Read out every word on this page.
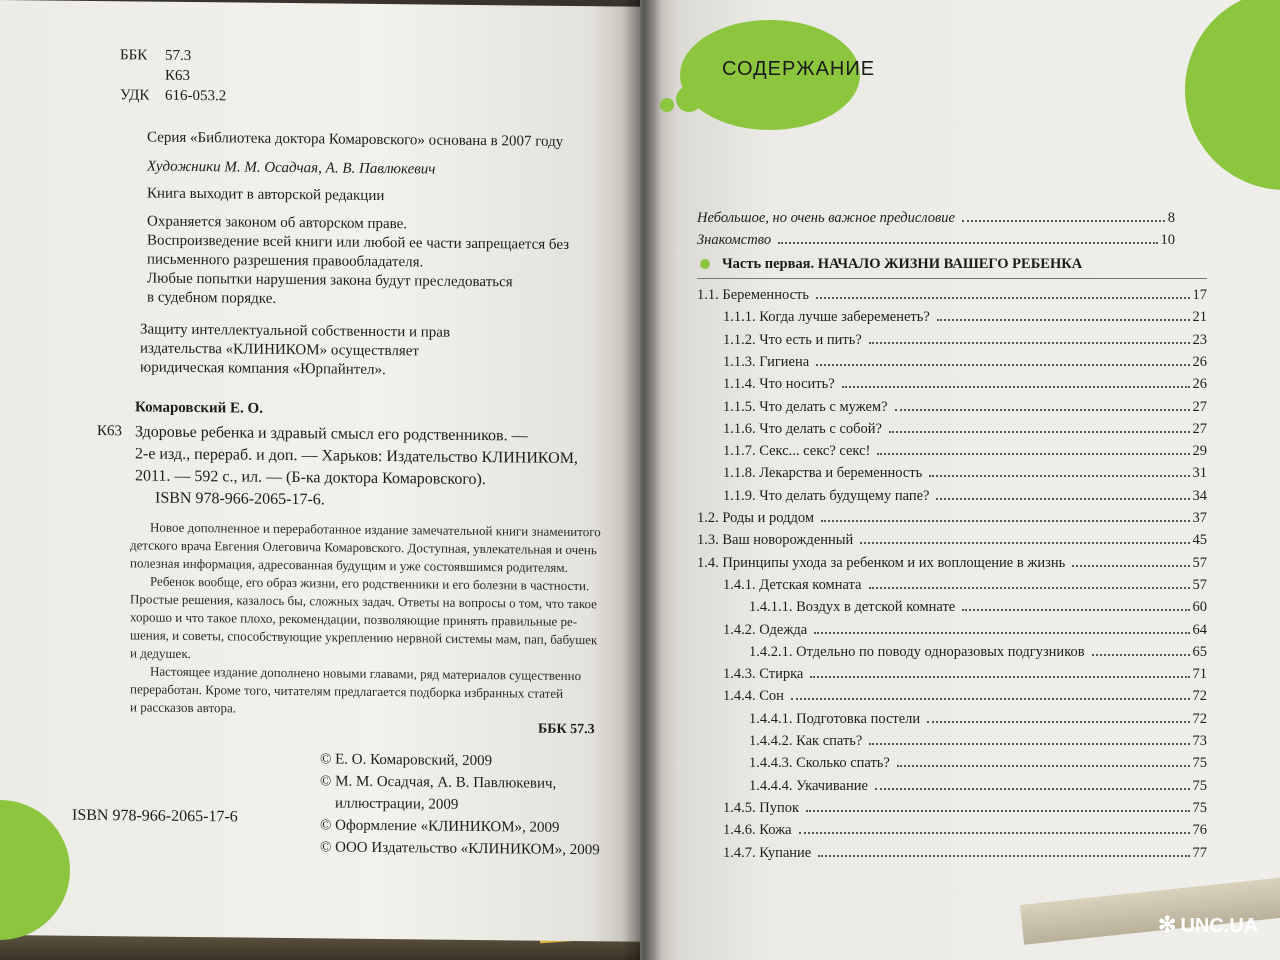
ББК 57.3
К63
УДК 616-053.2
Серия «Библиотека доктора Комаровского» основана в 2007 году
Художники М. М. Осадчая, А. В. Павлюкевич
Книга выходит в авторской редакции
Охраняется законом об авторском праве.
Воспроизведение всей книги или любой ее части запрещается без
письменного разрешения правообладателя.
Любые попытки нарушения закона будут преследоваться
в судебном порядке.
Защиту интеллектуальной собственности и прав
издательства «КЛИНИКОМ» осуществляет
юридическая компания «Юрпайнтел».
Комаровский Е. О.
К63 Здоровье ребенка и здравый смысл его родственников. —
2-е изд., перераб. и доп. — Харьков: Издательство КЛИНИКОМ,
2011. — 592 с., ил. — (Б-ка доктора Комаровского).
ISBN 978-966-2065-17-6.
Новое дополненное и переработанное издание замечательной книги знаменитого
детского врача Евгения Олеговича Комаровского. Доступная, увлекательная и очень
полезная информация, адресованная будущим и уже состоявшимся родителям.
Ребенок вообще, его образ жизни, его родственники и его болезни в частности.
Простые решения, казалось бы, сложных задач. Ответы на вопросы о том, что такое
хорошо и что такое плохо, рекомендации, позволяющие принять правильные ре-
шения, и советы, способствующие укреплению нервной системы мам, пап, бабушек
и дедушек.
Настоящее издание дополнено новыми главами, ряд материалов существенно
переработан. Кроме того, читателям предлагается подборка избранных статей
и рассказов автора.
ББК 57.3
© Е. О. Комаровский, 2009
© М. М. Осадчая, А. В. Павлюкевич,
иллюстрации, 2009
© Оформление «КЛИНИКОМ», 2009
© ООО Издательство «КЛИНИКОМ», 2009
ISBN 978-966-2065-17-6
СОДЕРЖАНИЕ
Небольшое, но очень важное предисловие	8
Знакомство	10
Часть первая. НАЧАЛО ЖИЗНИ ВАШЕГО РЕБЕНКА
1.1. Беременность	17
1.1.1. Когда лучше забеременеть?	21
1.1.2. Что есть и пить?	23
1.1.3. Гигиена	26
1.1.4. Что носить?	26
1.1.5. Что делать с мужем?	27
1.1.6. Что делать с собой?	27
1.1.7. Секс... секс? секс!	29
1.1.8. Лекарства и беременность	31
1.1.9. Что делать будущему папе?	34
1.2. Роды и роддом	37
1.3. Ваш новорожденный	45
1.4. Принципы ухода за ребенком и их воплощение в жизнь	57
1.4.1. Детская комната	57
1.4.1.1. Воздух в детской комнате	60
1.4.2. Одежда	64
1.4.2.1. Отдельно по поводу одноразовых подгузников	65
1.4.3. Стирка	71
1.4.4. Сон	72
1.4.4.1. Подготовка постели	72
1.4.4.2. Как спать?	73
1.4.4.3. Сколько спать?	75
1.4.4.4. Укачивание	75
1.4.5. Пупок	75
1.4.6. Кожа	76
1.4.7. Купание	77
✻ UNC.UA
